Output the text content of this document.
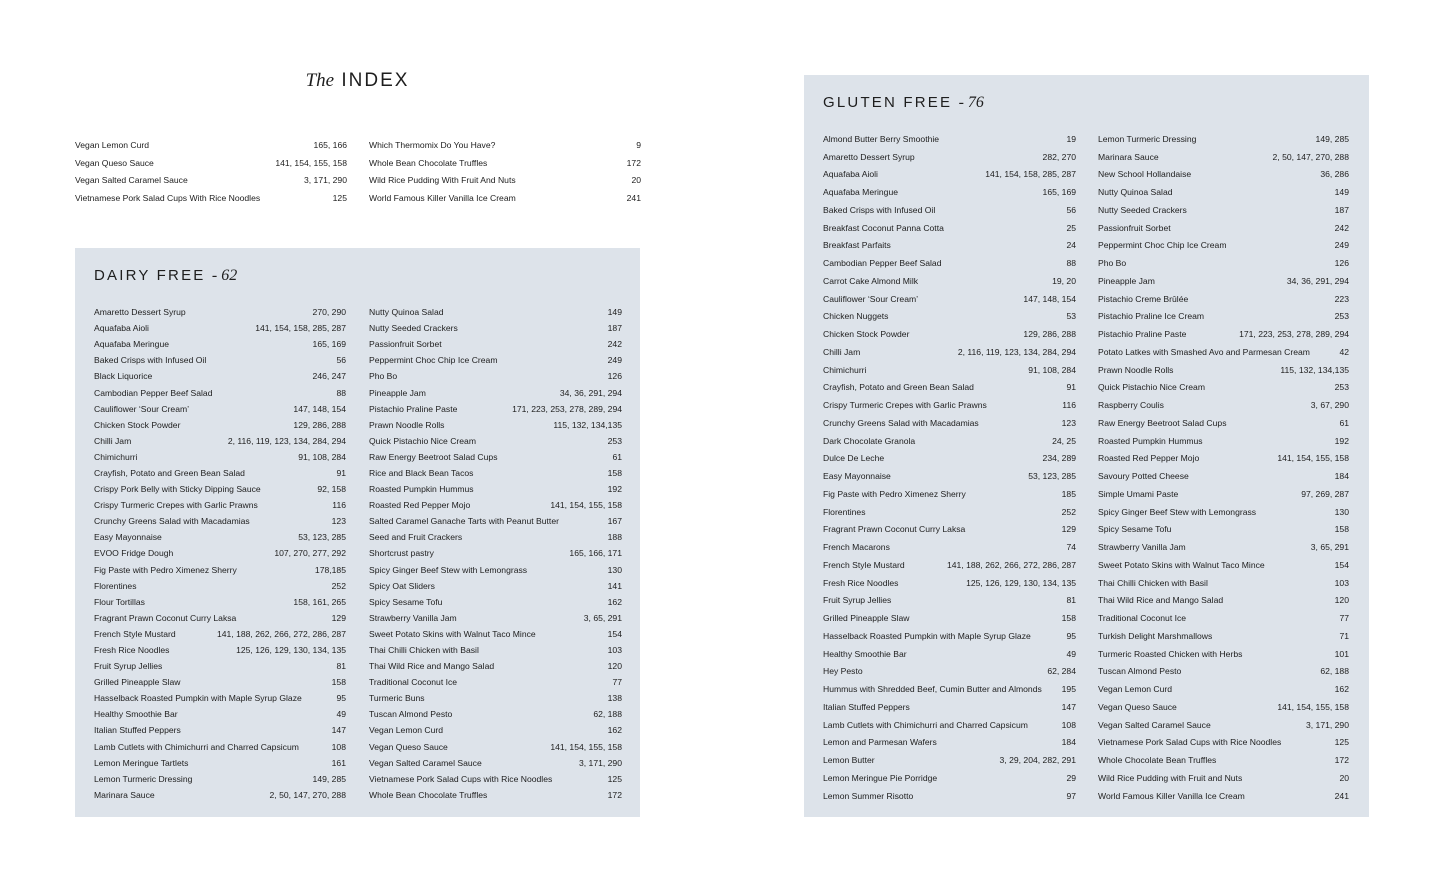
The INDEX
Vegan Lemon Curd	165, 166
Vegan Queso Sauce	141, 154, 155, 158
Vegan Salted Caramel Sauce	3, 171, 290
Vietnamese Pork Salad Cups With Rice Noodles	125
Which Thermomix Do You Have?	9
Whole Bean Chocolate Truffles	172
Wild Rice Pudding With Fruit And Nuts	20
World Famous Killer Vanilla Ice Cream	241
DAIRY FREE - 62
Amaretto Dessert Syrup	270, 290
Aquafaba Aioli	141, 154, 158, 285, 287
Aquafaba Meringue	165, 169
Baked Crisps with Infused Oil	56
Black Liquorice	246, 247
Cambodian Pepper Beef Salad	88
Cauliflower ‘Sour Cream’	147, 148, 154
Chicken Stock Powder	129, 286, 288
Chilli Jam	2, 116, 119, 123, 134, 284, 294
Chimichurri	91, 108, 284
Crayfish, Potato and Green Bean Salad	91
Crispy Pork Belly with Sticky Dipping Sauce	92, 158
Crispy Turmeric Crepes with Garlic Prawns	116
Crunchy Greens Salad with Macadamias	123
Easy Mayonnaise	53, 123, 285
EVOO Fridge Dough	107, 270, 277, 292
Fig Paste with Pedro Ximenez Sherry	178,185
Florentines	252
Flour Tortillas	158, 161, 265
Fragrant Prawn Coconut Curry Laksa	129
French Style Mustard	141, 188, 262, 266, 272, 286, 287
Fresh Rice Noodles	125, 126, 129, 130, 134, 135
Fruit Syrup Jellies	81
Grilled Pineapple Slaw	158
Hasselback Roasted Pumpkin with Maple Syrup Glaze	95
Healthy Smoothie Bar	49
Italian Stuffed Peppers	147
Lamb Cutlets with Chimichurri and Charred Capsicum	108
Lemon Meringue Tartlets	161
Lemon Turmeric Dressing	149, 285
Marinara Sauce	2, 50, 147, 270, 288
Nutty Quinoa Salad	149
Nutty Seeded Crackers	187
Passionfruit Sorbet	242
Peppermint Choc Chip Ice Cream	249
Pho Bo	126
Pineapple Jam	34, 36, 291, 294
Pistachio Praline Paste	171, 223, 253, 278, 289, 294
Prawn Noodle Rolls	115, 132, 134,135
Quick Pistachio Nice Cream	253
Raw Energy Beetroot Salad Cups	61
Rice and Black Bean Tacos	158
Roasted Pumpkin Hummus	192
Roasted Red Pepper Mojo	141, 154, 155, 158
Salted Caramel Ganache Tarts with Peanut Butter	167
Seed and Fruit Crackers	188
Shortcrust pastry	165, 166, 171
Spicy Ginger Beef Stew with Lemongrass	130
Spicy Oat Sliders	141
Spicy Sesame Tofu	162
Strawberry Vanilla Jam	3, 65, 291
Sweet Potato Skins with Walnut Taco Mince	154
Thai Chilli Chicken with Basil	103
Thai Wild Rice and Mango Salad	120
Traditional Coconut Ice	77
Turmeric Buns	138
Tuscan Almond Pesto	62, 188
Vegan Lemon Curd	162
Vegan Queso Sauce	141, 154, 155, 158
Vegan Salted Caramel Sauce	3, 171, 290
Vietnamese Pork Salad Cups with Rice Noodles	125
Whole Bean Chocolate Truffles	172
GLUTEN FREE - 76
Almond Butter Berry Smoothie	19
Amaretto Dessert Syrup	282, 270
Aquafaba Aioli	141, 154, 158, 285, 287
Aquafaba Meringue	165, 169
Baked Crisps with Infused Oil	56
Breakfast Coconut Panna Cotta	25
Breakfast Parfaits	24
Cambodian Pepper Beef Salad	88
Carrot Cake Almond Milk	19, 20
Cauliflower ‘Sour Cream’	147, 148, 154
Chicken Nuggets	53
Chicken Stock Powder	129, 286, 288
Chilli Jam	2, 116, 119, 123, 134, 284, 294
Chimichurri	91, 108, 284
Crayfish, Potato and Green Bean Salad	91
Crispy Turmeric Crepes with Garlic Prawns	116
Crunchy Greens Salad with Macadamias	123
Dark Chocolate Granola	24, 25
Dulce De Leche	234, 289
Easy Mayonnaise	53, 123, 285
Fig Paste with Pedro Ximenez Sherry	185
Florentines	252
Fragrant Prawn Coconut Curry Laksa	129
French Macarons	74
French Style Mustard	141, 188, 262, 266, 272, 286, 287
Fresh Rice Noodles	125, 126, 129, 130, 134, 135
Fruit Syrup Jellies	81
Grilled Pineapple Slaw	158
Hasselback Roasted Pumpkin with Maple Syrup Glaze	95
Healthy Smoothie Bar	49
Hey Pesto	62, 284
Hummus with Shredded Beef, Cumin Butter and Almonds 195
Italian Stuffed Peppers	147
Lamb Cutlets with Chimichurri and Charred Capsicum	108
Lemon and Parmesan Wafers	184
Lemon Butter	3, 29, 204, 282, 291
Lemon Meringue Pie Porridge	29
Lemon Summer Risotto	97
Lemon Turmeric Dressing	149, 285
Marinara Sauce	2, 50, 147, 270, 288
New School Hollandaise	36, 286
Nutty Quinoa Salad	149
Nutty Seeded Crackers	187
Passionfruit Sorbet	242
Peppermint Choc Chip Ice Cream	249
Pho Bo	126
Pineapple Jam	34, 36, 291, 294
Pistachio Creme Brûlée	223
Pistachio Praline Ice Cream	253
Pistachio Praline Paste	171, 223, 253, 278, 289, 294
Potato Latkes with Smashed Avo and Parmesan Cream	42
Prawn Noodle Rolls	115, 132, 134,135
Quick Pistachio Nice Cream	253
Raspberry Coulis	3, 67, 290
Raw Energy Beetroot Salad Cups	61
Roasted Pumpkin Hummus	192
Roasted Red Pepper Mojo	141, 154, 155, 158
Savoury Potted Cheese	184
Simple Umami Paste	97, 269, 287
Spicy Ginger Beef Stew with Lemongrass	130
Spicy Sesame Tofu	158
Strawberry Vanilla Jam	3, 65, 291
Sweet Potato Skins with Walnut Taco Mince	154
Thai Chilli Chicken with Basil	103
Thai Wild Rice and Mango Salad	120
Traditional Coconut Ice	77
Turkish Delight Marshmallows	71
Turmeric Roasted Chicken with Herbs	101
Tuscan Almond Pesto	62, 188
Vegan Lemon Curd	162
Vegan Queso Sauce	141, 154, 155, 158
Vegan Salted Caramel Sauce	3, 171, 290
Vietnamese Pork Salad Cups with Rice Noodles	125
Whole Chocolate Bean Truffles	172
Wild Rice Pudding with Fruit and Nuts	20
World Famous Killer Vanilla Ice Cream	241
